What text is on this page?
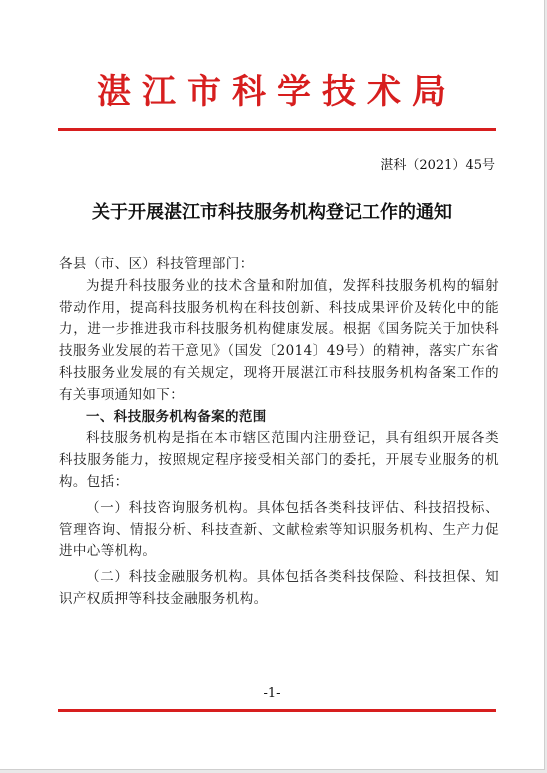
湛江市科学技术局
湛科（2021）45号
关于开展湛江市科技服务机构登记工作的通知

各县（市、区）科技管理部门：

为提升科技服务业的技术含量和附加值，发挥科技服务机构的辐射带动作用，提高科技服务机构在科技创新、科技成果评价及转化中的能力，进一步推进我市科技服务机构健康发展。根据《国务院关于加快科技服务业发展的若干意见》（国发〔2014〕49号）的精神，落实广东省科技服务业发展的有关规定，现将开展湛江市科技服务机构备案工作的有关事项通知如下：

一、科技服务机构备案的范围

科技服务机构是指在本市辖区范围内注册登记，具有组织开展各类科技服务能力，按照规定程序接受相关部门的委托，开展专业服务的机构。包括：

（一）科技咨询服务机构。具体包括各类科技评估、科技招投标、管理咨询、情报分析、科技查新、文献检索等知识服务机构、生产力促进中心等机构。

（二）科技金融服务机构。具体包括各类科技保险、科技担保、知识产权质押等科技金融服务机构。

-1-
